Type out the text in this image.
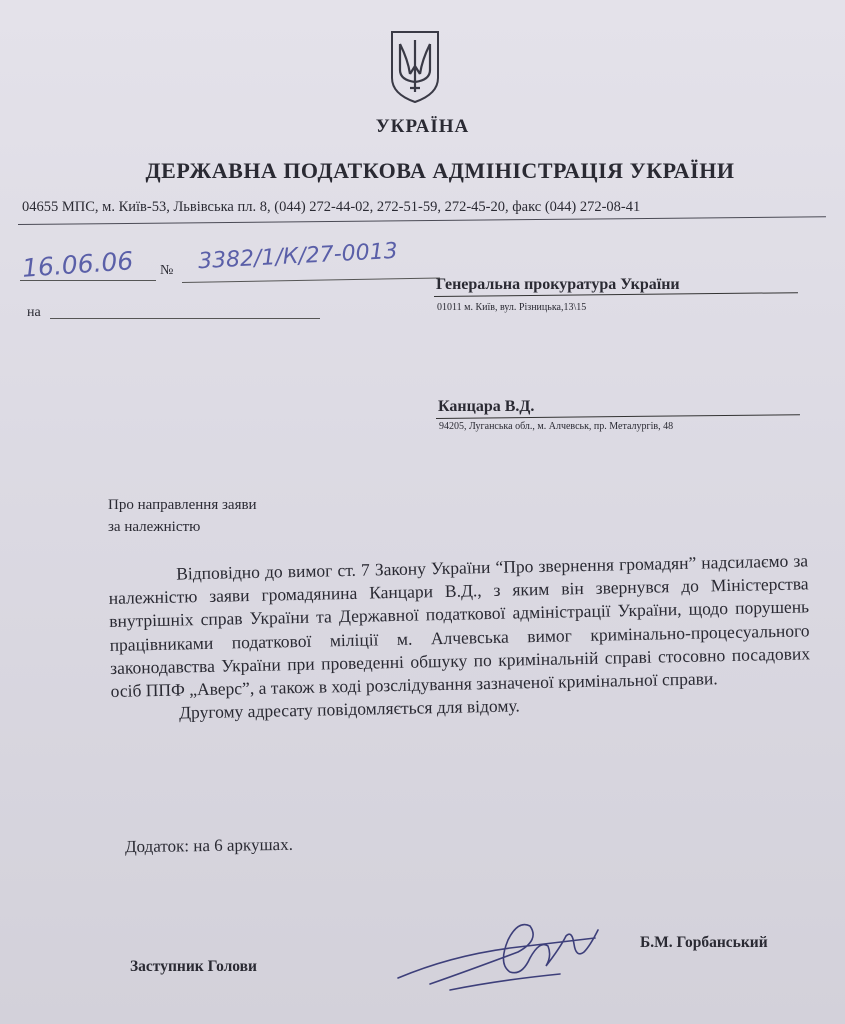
УКРАЇНА
ДЕРЖАВНА ПОДАТКОВА АДМІНІСТРАЦІЯ УКРАЇНИ
04655 МПС, м. Київ-53, Львівська пл. 8, (044) 272-44-02, 272-51-59, 272-45-20, факс (044) 272-08-41
16.06.06 № 3382/1/К/27-0013
на
Генеральна прокуратура України
01011 м. Київ, вул. Різницька,13\15
Канцара В.Д.
94205, Луганська обл., м. Алчевськ, пр. Металургів, 48
Про направлення заяви
за належністю

Відповідно до вимог ст. 7 Закону України “Про звернення громадян” надсилаємо за належністю заяви громадянина Канцари В.Д., з яким він звернувся до Міністерства внутрішніх справ України та Державної податкової адміністрації України, щодо порушень працівниками податкової міліції м. Алчевська вимог кримінально-процесуального законодавства України при проведенні обшуку по кримінальній справі стосовно посадових осіб ППФ „Аверс”, а також в ході розслідування зазначеної кримінальної справи.

Другому адресату повідомляється для відому.

Додаток: на 6 аркушах.
Заступник Голови
Б.М. Горбанський
